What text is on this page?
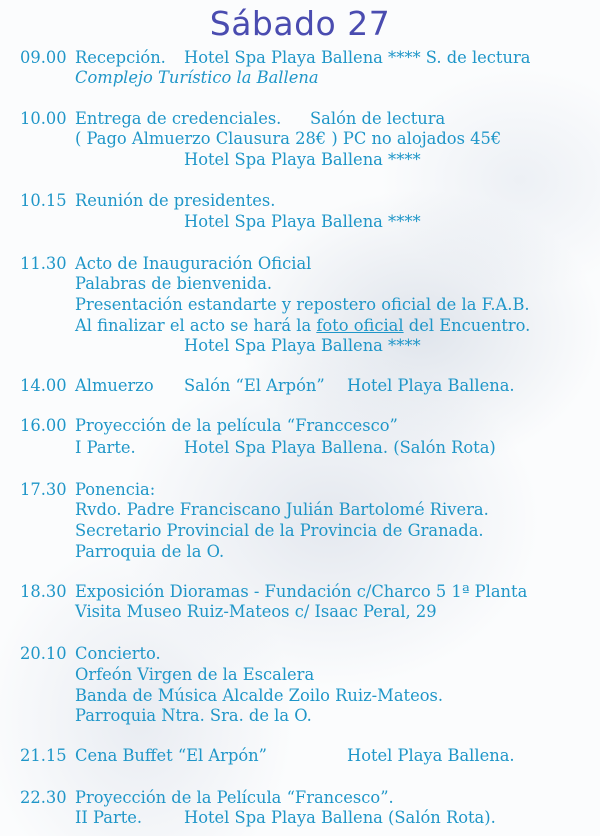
Sábado 27
09.00 Recepción. Hotel Spa Playa Ballena **** S. de lectura
Complejo Turístico la Ballena
10.00 Entrega de credenciales. Salón de lectura
( Pago Almuerzo Clausura 28€ ) PC no alojados 45€
Hotel Spa Playa Ballena ****
10.15 Reunión de presidentes.
Hotel Spa Playa Ballena ****
11.30 Acto de Inauguración Oficial
Palabras de bienvenida.
Presentación estandarte y repostero oficial de la F.A.B.
Al finalizar el acto se hará la foto oficial del Encuentro.
Hotel Spa Playa Ballena ****
14.00 Almuerzo Salón “El Arpón” Hotel Playa Ballena.
16.00 Proyección de la película “Franccesco”
I Parte.	Hotel Spa Playa Ballena. (Salón Rota)
17.30 Ponencia:
Rvdo. Padre Franciscano Julián Bartolomé Rivera.
Secretario Provincial de la Provincia de Granada.
Parroquia de la O.
18.30 Exposición Dioramas - Fundación c/Charco 5 1ª Planta
Visita Museo Ruiz-Mateos c/ Isaac Peral, 29
20.10 Concierto.
Orfeón Virgen de la Escalera
Banda de Música Alcalde Zoilo Ruiz-Mateos.
Parroquia Ntra. Sra. de la O.
21.15 Cena Buffet “El Arpón”	Hotel Playa Ballena.
22.30 Proyección de la Película “Francesco”.
II Parte.	Hotel Spa Playa Ballena (Salón Rota).
